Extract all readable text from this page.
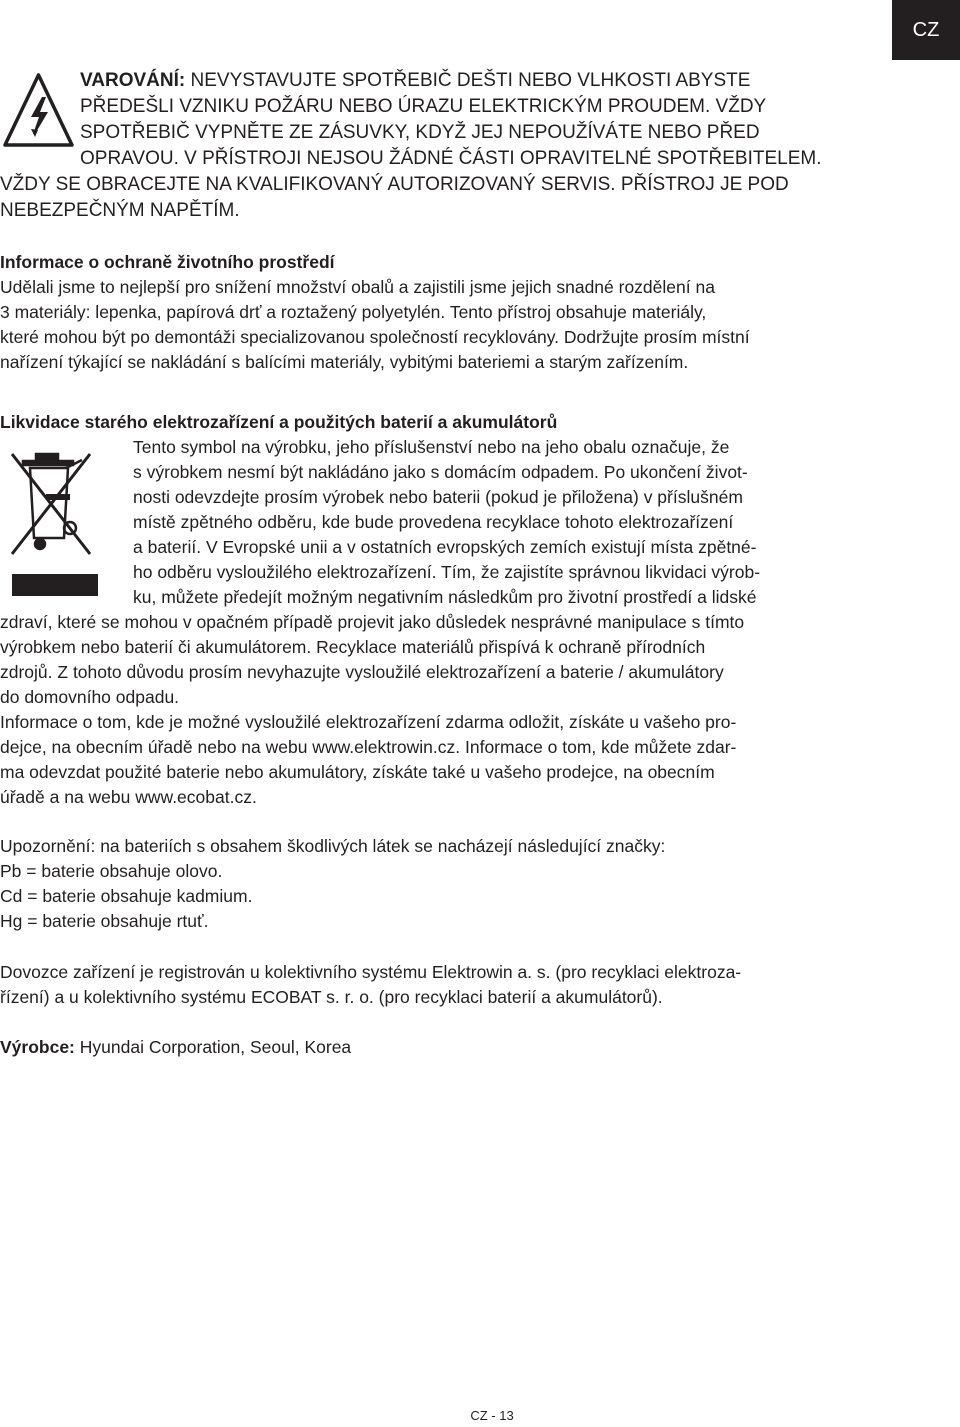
CZ
VAROVÁNÍ: NEVYSTAVUJTE SPOTŘEBIČ DEŠTI NEBO VLHKOSTI ABYSTE
PŘEDEŠLI VZNIKU POŽÁRU NEBO ÚRAZU ELEKTRICKÝM PROUDEM. VŽDY
SPOTŘEBIČ VYPNĚTE ZE ZÁSUVKY, KDYŽ JEJ NEPOUŽÍVÁTE NEBO PŘED
OPRAVOU. V PŘÍSTROJI NEJSOU ŽÁDNÉ ČÁSTI OPRAVITELNÉ SPOTŘEBITELEM.
VŽDY SE OBRACEJTE NA KVALIFIKOVANÝ AUTORIZOVANÝ SERVIS. PŘÍSTROJ JE POD
NEBEZPEČNÝM NAPĚTÍM.
Informace o ochraně životního prostředí
Udělali jsme to nejlepší pro snížení množství obalů a zajistili jsme jejich snadné rozdělení na
3 materiály: lepenka, papírová drť a roztažený polyetylén. Tento přístroj obsahuje materiály,
které mohou být po demontáži specializovanou společností recyklovány. Dodržujte prosím místní
nařízení týkající se nakládání s balícími materiály, vybitými bateriemi a starým zařízením.
Likvidace starého elektrozařízení a použitých baterií a akumulátorů
Tento symbol na výrobku, jeho příslušenství nebo na jeho obalu označuje, že
s výrobkem nesmí být nakládáno jako s domácím odpadem. Po ukončení život-
nosti odevzdejte prosím výrobek nebo baterii (pokud je přiložena) v příslušném
místě zpětného odběru, kde bude provedena recyklace tohoto elektrozařízení
a baterií. V Evropské unii a v ostatních evropských zemích existují místa zpětné-
ho odběru vysloužilého elektrozařízení. Tím, že zajistíte správnou likvidaci výrob-
ku, můžete předejít možným negativním následkům pro životní prostředí a lidské
zdraví, které se mohou v opačném případě projevit jako důsledek nesprávné manipulace s tímto
výrobkem nebo baterií či akumulátorem. Recyklace materiálů přispívá k ochraně přírodních
zdrojů. Z tohoto důvodu prosím nevyhazujte vysloužilé elektrozařízení a baterie / akumulátory
do domovního odpadu.
Informace o tom, kde je možné vysloužilé elektrozařízení zdarma odložit, získáte u vašeho pro-
dejce, na obecním úřadě nebo na webu www.elektrowin.cz. Informace o tom, kde můžete zdar-
ma odevzdat použité baterie nebo akumulátory, získáte také u vašeho prodejce, na obecním
úřadě a na webu www.ecobat.cz.
Upozornění: na bateriích s obsahem škodlivých látek se nacházejí následující značky:
Pb = baterie obsahuje olovo.
Cd = baterie obsahuje kadmium.
Hg = baterie obsahuje rtuť.
Dovozce zařízení je registrován u kolektivního systému Elektrowin a. s. (pro recyklaci elektroza-
řízení) a u kolektivního systému ECOBAT s. r. o. (pro recyklaci baterií a akumulátorů).
Výrobce: Hyundai Corporation, Seoul, Korea
CZ - 13
